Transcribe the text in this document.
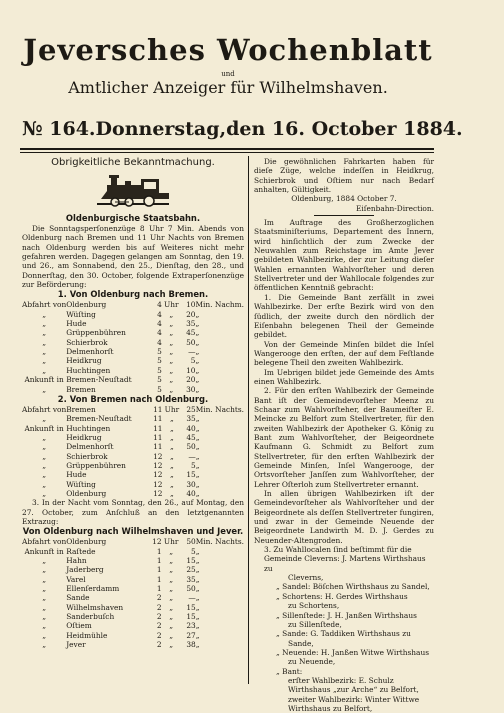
Jeversches Wochenblatt
und
Amtlicher Anzeiger für Wilhelmshaven.
№ 164. Donnerstag, den 16. October 1884.

Obrigkeitliche Bekanntmachung.

Oldenburgische Staatsbahn.

Die Sonntagsperſonenzüge 8 Uhr 7 Min. Abends von Oldenburg nach Bremen und 11 Uhr Nachts von Bremen nach Oldenburg werden bis auf Weiteres nicht mehr gefahren werden. Dagegen gelangen am Sonntag, den 19. und 26., am Sonnabend, den 25., Dienſtag, den 28., und Donnerſtag, den 30. October, folgende Extraperſonenzüge zur Beförderung:

1. Von Oldenburg nach Bremen.

Abfahrt von	Oldenburg	4	Uhr	10	Min. Nachm.
„	Wüſting	4	„	20	„
„	Hude	4	„	35	„
„	Grüppenbühren	4	„	45	„
„	Schierbrok	4	„	50	„
„	Delmenhorſt	5	„	—	„
„	Heidkrug	5	„	5	„
„	Huchtingen	5	„	10	„
Ankunft in	Bremen-Neuſtadt	5	„	20	„
„	Bremen	5	„	30	„

2. Von Bremen nach Oldenburg.

Abfahrt von	Bremen	11	Uhr	25	Min. Nachts.
„	Bremen-Neuſtadt	11	„	35	„
Ankunft in	Huchtingen	11	„	40	„
„	Heidkrug	11	„	45	„
„	Delmenhorſt	11	„	50	„
„	Schierbrok	12	„	—	„
„	Grüppenbühren	12	„	5	„
„	Hude	12	„	15	„
„	Wüſting	12	„	30	„
„	Oldenburg	12	„	40	„

3. In der Nacht vom Sonntag, den 26., auf Montag, den 27. October, zum Anſchluß an den letztgenannten Extrazug:

Von Oldenburg nach Wilhelmshaven und Jever.

Abfahrt von	Oldenburg	12	Uhr	50	Min. Nachts.
Ankunft in	Raſtede	1	„	5	„
„	Hahn	1	„	15	„
„	Jaderberg	1	„	25	„
„	Varel	1	„	35	„
„	Ellenſerdamm	1	„	50	„
„	Sande	2	„	—	„
„	Wilhelmshaven	2	„	15	„
„	Sanderbuſch	2	„	15	„
„	Oſtiem	2	„	23	„
„	Heidmühle	2	„	27	„
„	Jever	2	„	38	„

Die gewöhnlichen Fahrkarten haben für dieſe Züge, welche indeſſen in Heidkrug, Schierbrok und Oſtiem nur nach Bedarf anhalten, Gültigkeit.

Oldenburg, 1884 October 7.

Eiſenbahn-Direction.

Im Auftrage des Großherzoglichen Staatsminiſteriums, Departement des Innern, wird hinſichtlich der zum Zwecke der Neuwahlen zum Reichstage im Amte Jever gebildeten Wahlbezirke, der zur Leitung dieſer Wahlen ernannten Wahlvorſteher und deren Stellvertreter und der Wahllocale folgendes zur öffentlichen Kenntniß gebracht:

1. Die Gemeinde Bant zerfällt in zwei Wahlbezirke. Der erſte Bezirk wird von den ſüdlich, der zweite durch den nördlich der Eiſenbahn belegenen Theil der Gemeinde gebildet.

Von der Gemeinde Minſen bildet die Inſel Wangerooge den erſten, der auf dem Feſtlande belegene Theil den zweiten Wahlbezirk.

Im Uebrigen bildet jede Gemeinde des Amts einen Wahlbezirk.

2. Für den erſten Wahlbezirk der Gemeinde Bant iſt der Gemeindevorſteher Meenz zu Schaar zum Wahlvorſteher, der Baumeiſter E. Meincke zu Belfort zum Stellvertreter, für den zweiten Wahlbezirk der Apotheker G. König zu Bant zum Wahlvorſteher, der Beigeordnete Kaufmann G. Schmidt zu Belfort zum Stellvertreter, für den erſten Wahlbezirk der Gemeinde Minſen, Inſel Wangerooge, der Ortsvorſteher Janſſen zum Wahlvorſteher, der Lehrer Oſterloh zum Stellvertreter ernannt.

In allen übrigen Wahlbezirken iſt der Gemeindevorſteher als Wahlvorſteher und der Beigeordnete als deſſen Stellvertreter fungiren, und zwar in der Gemeinde Neuende der Beigeordnete Landwirth M. D. J. Gerdes zu Neuender-Altengroden.

3. Zu Wahllocalen ſind beſtimmt für die

Gemeinde Cleverns: J. Martens Wirthshaus zu

Cleverns,

„ Sandel: Böſchen Wirthshaus zu Sandel,

„ Schortens: H. Gerdes Wirthshaus

zu Schortens,

„ Sillenſtede: J. H. Janßen Wirthshaus

zu Sillenſtede,

„ Sande: G. Taddiken Wirthshaus zu

Sande,

„ Neuende: H. Janßen Witwe Wirthshaus

zu Neuende,

„ Bant:

erſter Wahlbezirk: E. Schulz Wirthshaus „zur Arche“ zu Belfort,

zweiter Wahlbezirk: Winter Wittwe Wirthshaus zu Belfort,
